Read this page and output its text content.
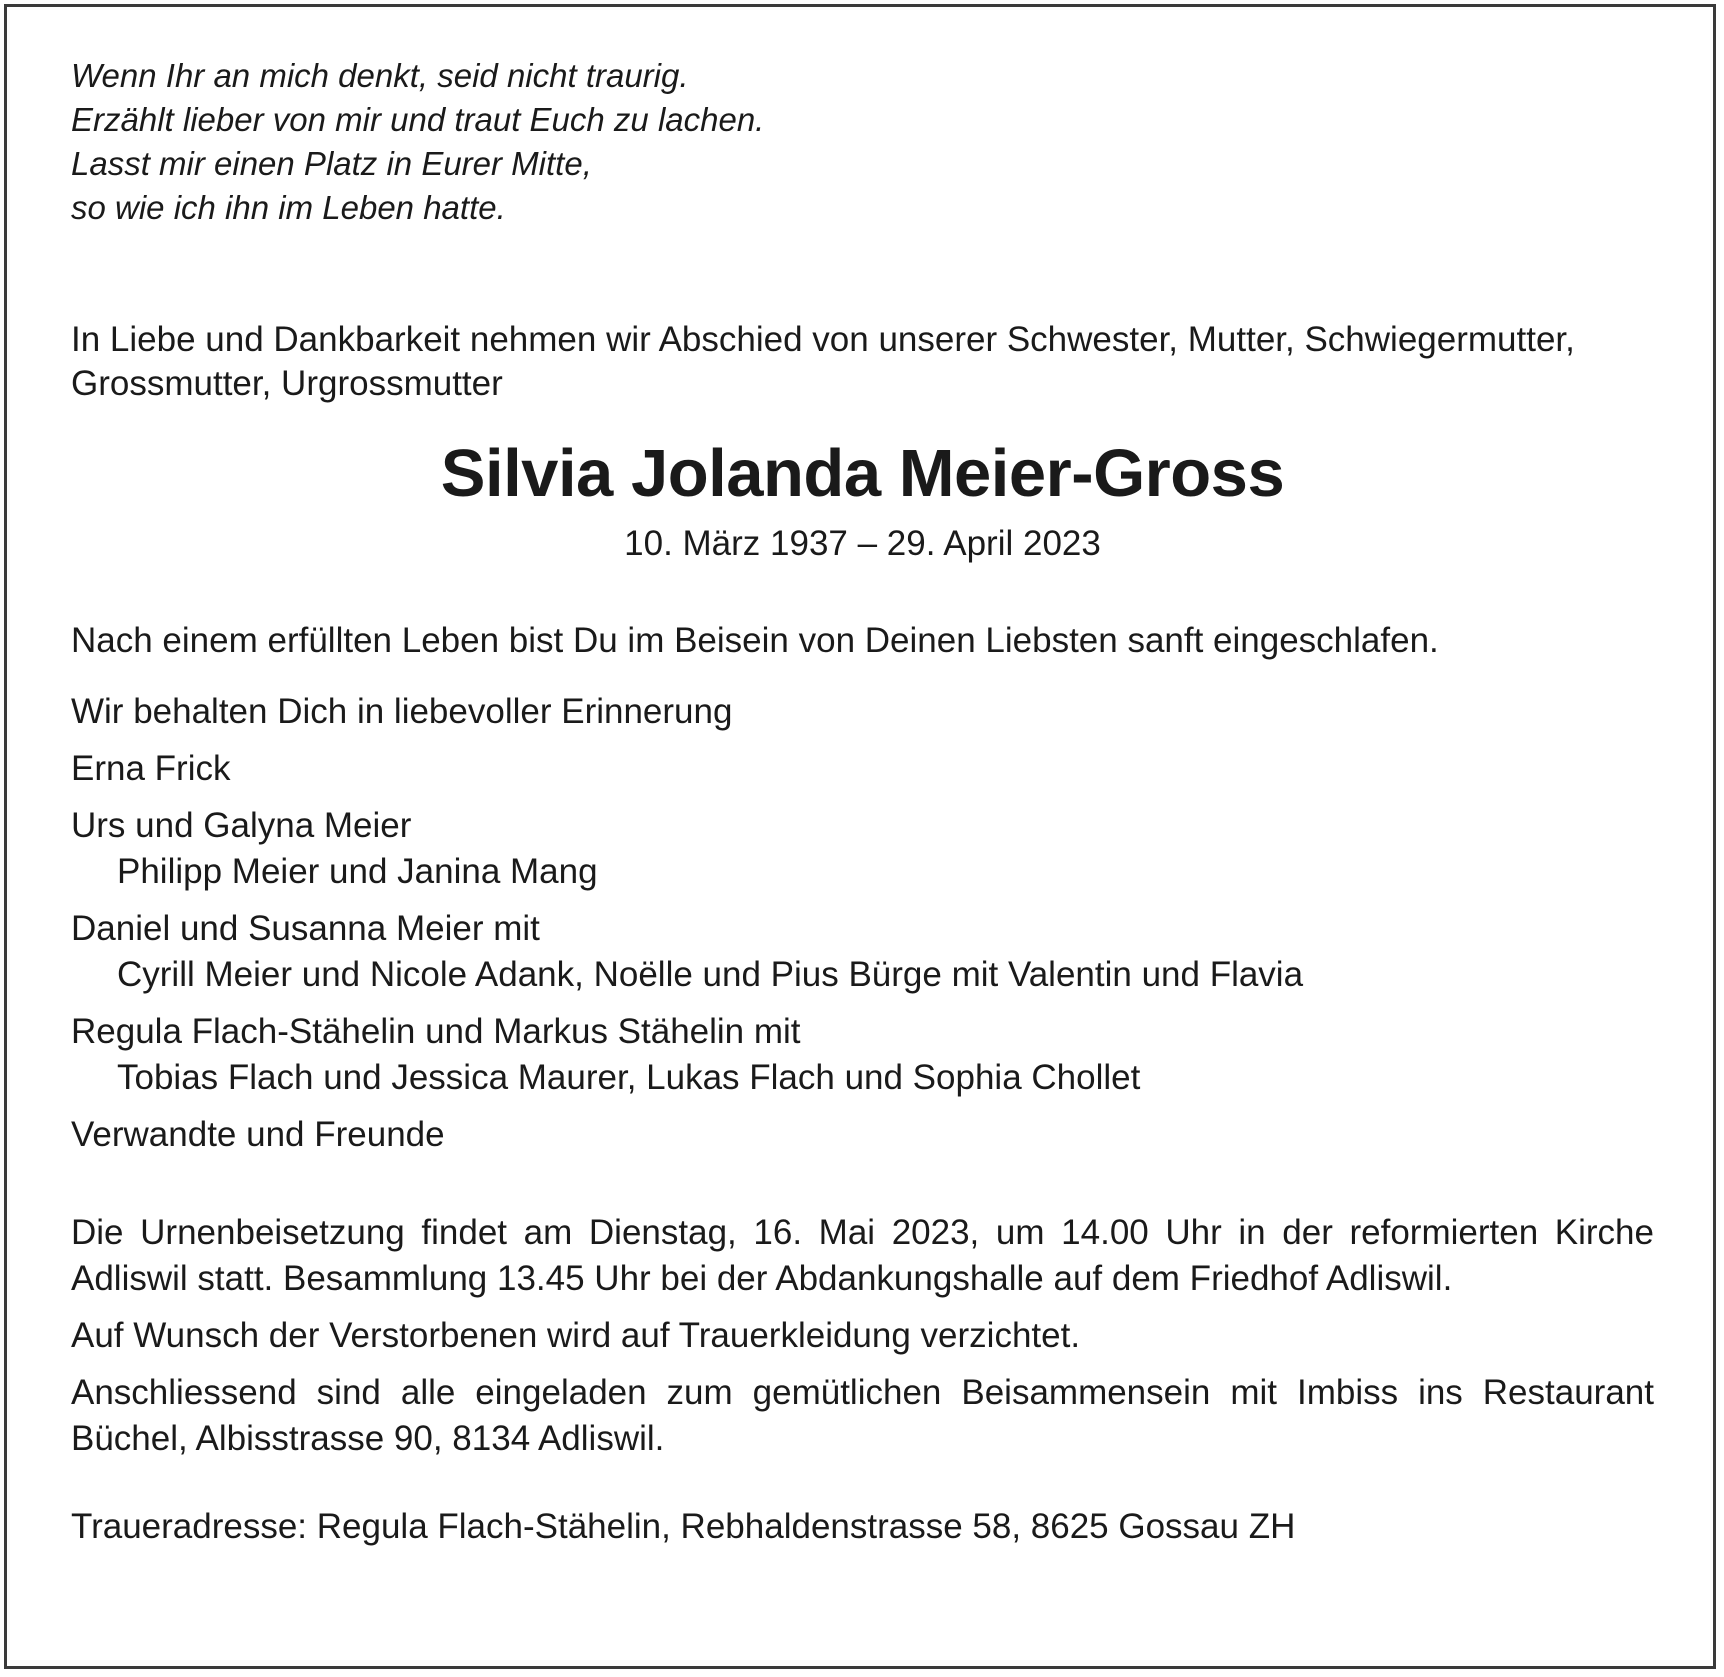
Wenn Ihr an mich denkt, seid nicht traurig.
Erzählt lieber von mir und traut Euch zu lachen.
Lasst mir einen Platz in Eurer Mitte,
so wie ich ihn im Leben hatte.

In Liebe und Dankbarkeit nehmen wir Abschied von unserer Schwester, Mutter, Schwiegermutter, Grossmutter, Urgrossmutter

Silvia Jolanda Meier-Gross

10. März 1937 – 29. April 2023

Nach einem erfüllten Leben bist Du im Beisein von Deinen Liebsten sanft eingeschlafen.

Wir behalten Dich in liebevoller Erinnerung

Erna Frick

Urs und Galyna Meier

Philipp Meier und Janina Mang

Daniel und Susanna Meier mit

Cyrill Meier und Nicole Adank, Noëlle und Pius Bürge mit Valentin und Flavia

Regula Flach-Stähelin und Markus Stähelin mit

Tobias Flach und Jessica Maurer, Lukas Flach und Sophia Chollet

Verwandte und Freunde

Die Urnenbeisetzung findet am Dienstag, 16. Mai 2023, um 14.00 Uhr in der reformierten Kirche Adliswil statt. Besammlung 13.45 Uhr bei der Abdankungshalle auf dem Friedhof Adliswil.

Auf Wunsch der Verstorbenen wird auf Trauerkleidung verzichtet.

Anschliessend sind alle eingeladen zum gemütlichen Beisammensein mit Imbiss ins Restaurant Büchel, Albisstrasse 90, 8134 Adliswil.

Traueradresse: Regula Flach-Stähelin, Rebhaldenstrasse 58, 8625 Gossau ZH
